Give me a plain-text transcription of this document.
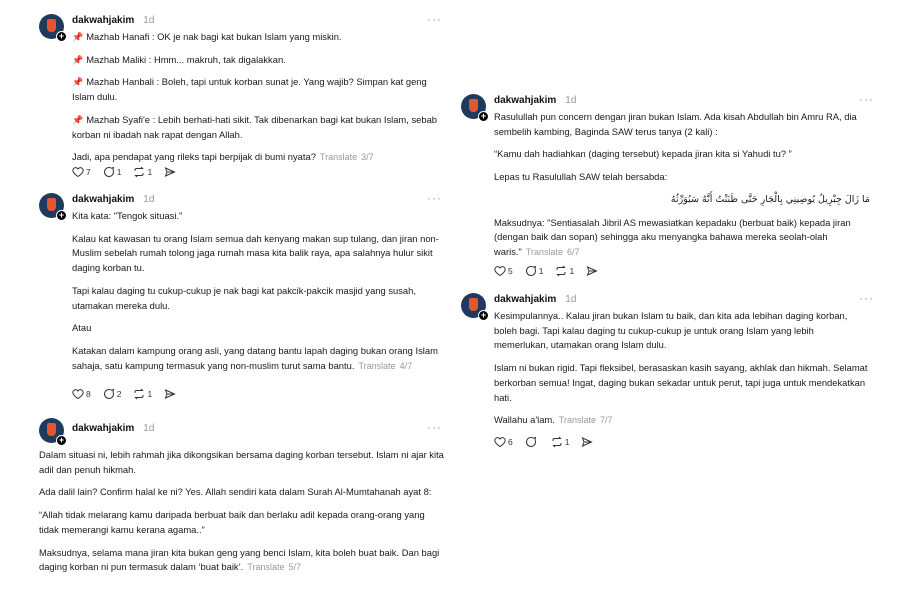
+
dakwahjakim 1d	···

📌 Mazhab Hanafi : OK je nak bagi kat bukan Islam yang miskin.

📌 Mazhab Maliki : Hmm... makruh, tak digalakkan.

📌 Mazhab Hanbali : Boleh, tapi untuk korban sunat je. Yang wajib? Simpan kat geng Islam dulu.

📌 Mazhab Syafi'e : Lebih berhati-hati sikit. Tak dibenarkan bagi kat bukan Islam, sebab korban ni ibadah nak rapat dengan Allah.

Jadi, apa pendapat yang rileks tapi berpijak di bumi nyata? Translate 3/7

7	1	1
+
dakwahjakim 1d	···

Kita kata: "Tengok situasi."

Kalau kat kawasan tu orang Islam semua dah kenyang makan sup tulang, dan jiran non-Muslim sebelah rumah tolong jaga rumah masa kita balik raya, apa salahnya hulur sikit daging korban tu.

Tapi kalau daging tu cukup-cukup je nak bagi kat pakcik-pakcik masjid yang susah, utamakan mereka dulu.

Atau

Katakan dalam kampung orang asli, yang datang bantu lapah daging bukan orang Islam sahaja, satu kampung termasuk yang non-muslim turut sama bantu. Translate 4/7

8	2	1
+
dakwahjakim 1d	···

Dalam situasi ni, lebih rahmah jika dikongsikan bersama daging korban tersebut. Islam ni ajar kita adil dan penuh hikmah.

Ada dalil lain? Confirm halal ke ni? Yes. Allah sendiri kata dalam Surah Al-Mumtahanah ayat 8:

“Allah tidak melarang kamu daripada berbuat baik dan berlaku adil kepada orang-orang yang tidak memerangi kamu kerana agama..”

Maksudnya, selama mana jiran kita bukan geng yang benci Islam, kita boleh buat baik. Dan bagi daging korban ni pun termasuk dalam ‘buat baik’. Translate 5/7

+
dakwahjakim 1d	···

Rasulullah pun concern dengan jiran bukan Islam. Ada kisah Abdullah bin Amru RA, dia sembelih kambing, Baginda SAW terus tanya (2 kali) :

“Kamu dah hadiahkan (daging tersebut) kepada jiran kita si Yahudi tu? ”

Lepas tu Rasulullah SAW telah bersabda:

مَا زَالَ جِبْرِيلُ يُوصِينِي بِالْجَارِ حَتَّى ظَنَنْتُ أَنَّهُ سَيُوَرِّثُهُ

Maksudnya: "Sentiasalah Jibril AS mewasiatkan kepadaku (berbuat baik) kepada jiran (dengan baik dan sopan) sehingga aku menyangka bahawa mereka seolah-olah waris." Translate 6/7

5	1	1
+
dakwahjakim 1d	···

Kesimpulannya.. Kalau jiran bukan Islam tu baik, dan kita ada lebihan daging korban, boleh bagi. Tapi kalau daging tu cukup-cukup je untuk orang Islam yang lebih memerlukan, utamakan orang Islam dulu.

Islam ni bukan rigid. Tapi fleksibel, berasaskan kasih sayang, akhlak dan hikmah. Selamat berkorban semua! Ingat, daging bukan sekadar untuk perut, tapi juga untuk mendekatkan hati.

Wallahu a'lam. Translate 7/7

6	1
